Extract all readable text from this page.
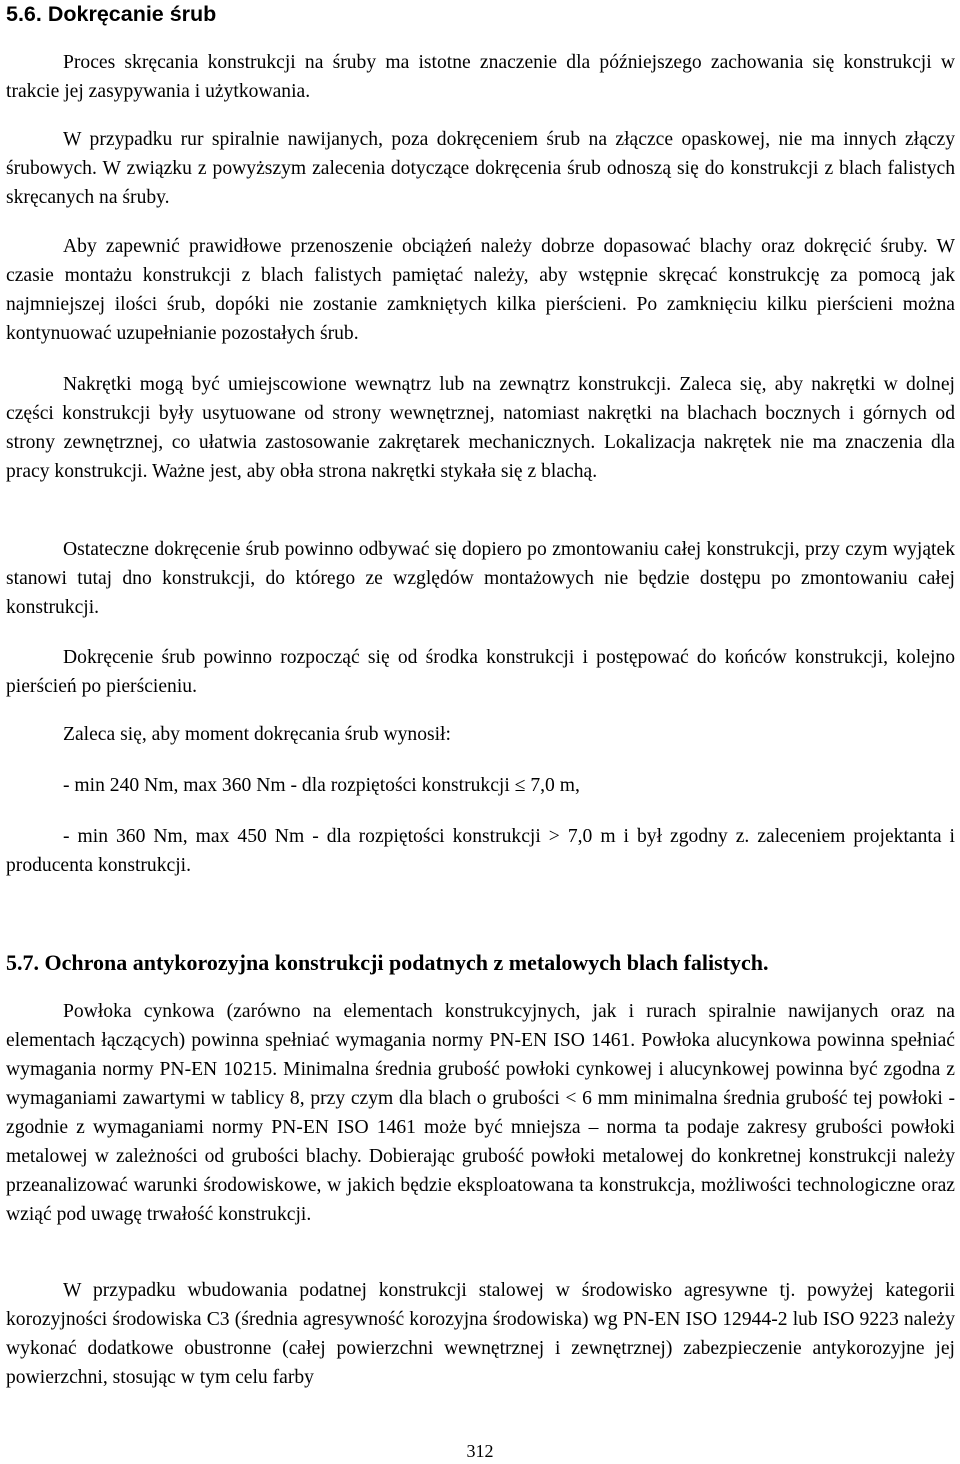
5.6. Dokręcanie śrub

Proces skręcania konstrukcji na śruby ma istotne znaczenie dla późniejszego zachowania się konstrukcji w trakcie jej zasypywania i użytkowania.

W przypadku rur spiralnie nawijanych, poza dokręceniem śrub na złączce opaskowej, nie ma innych złączy śrubowych. W związku z powyższym zalecenia dotyczące dokręcenia śrub odnoszą się do konstrukcji z blach falistych skręcanych na śruby.

Aby zapewnić prawidłowe przenoszenie obciążeń należy dobrze dopasować blachy oraz dokręcić śruby. W czasie montażu konstrukcji z blach falistych pamiętać należy, aby wstępnie skręcać konstrukcję za pomocą jak najmniejszej ilości śrub, dopóki nie zostanie zamkniętych kilka pierścieni. Po zamknięciu kilku pierścieni można kontynuować uzupełnianie pozostałych śrub.

Nakrętki mogą być umiejscowione wewnątrz lub na zewnątrz konstrukcji. Zaleca się, aby nakrętki w dolnej części konstrukcji były usytuowane od strony wewnętrznej, natomiast nakrętki na blachach bocznych i górnych od strony zewnętrznej, co ułatwia zastosowanie zakrętarek mechanicznych. Lokalizacja nakrętek nie ma znaczenia dla pracy konstrukcji. Ważne jest, aby obła strona nakrętki stykała się z blachą.

Ostateczne dokręcenie śrub powinno odbywać się dopiero po zmontowaniu całej konstrukcji, przy czym wyjątek stanowi tutaj dno konstrukcji, do którego ze względów montażowych nie będzie dostępu po zmontowaniu całej konstrukcji.

Dokręcenie śrub powinno rozpocząć się od środka konstrukcji i postępować do końców konstrukcji, kolejno pierścień po pierścieniu.

Zaleca się, aby moment dokręcania śrub wynosił:

- min 240 Nm, max 360 Nm - dla rozpiętości konstrukcji ≤ 7,0 m,

- min 360 Nm, max 450 Nm - dla rozpiętości konstrukcji > 7,0 m i był zgodny z. zaleceniem projektanta i producenta konstrukcji.

5.7. Ochrona antykorozyjna konstrukcji podatnych z metalowych blach falistych.

Powłoka cynkowa (zarówno na elementach konstrukcyjnych, jak i rurach spiralnie nawijanych oraz na elementach łączących) powinna spełniać wymagania normy PN-EN ISO 1461. Powłoka alucynkowa powinna spełniać wymagania normy PN-EN 10215. Minimalna średnia grubość powłoki cynkowej i alucynkowej powinna być zgodna z wymaganiami zawartymi w tablicy 8, przy czym dla blach o grubości < 6 mm minimalna średnia grubość tej powłoki - zgodnie z wymaganiami normy PN-EN ISO 1461 może być mniejsza – norma ta podaje zakresy grubości powłoki metalowej w zależności od grubości blachy. Dobierając grubość powłoki metalowej do konkretnej konstrukcji należy przeanalizować warunki środowiskowe, w jakich będzie eksploatowana ta konstrukcja, możliwości technologiczne oraz wziąć pod uwagę trwałość konstrukcji.

W przypadku wbudowania podatnej konstrukcji stalowej w środowisko agresywne tj. powyżej kategorii korozyjności środowiska C3 (średnia agresywność korozyjna środowiska) wg PN-EN ISO 12944-2 lub ISO 9223 należy wykonać dodatkowe obustronne (całej powierzchni wewnętrznej i zewnętrznej) zabezpieczenie antykorozyjne jej powierzchni, stosując w tym celu farby

312
